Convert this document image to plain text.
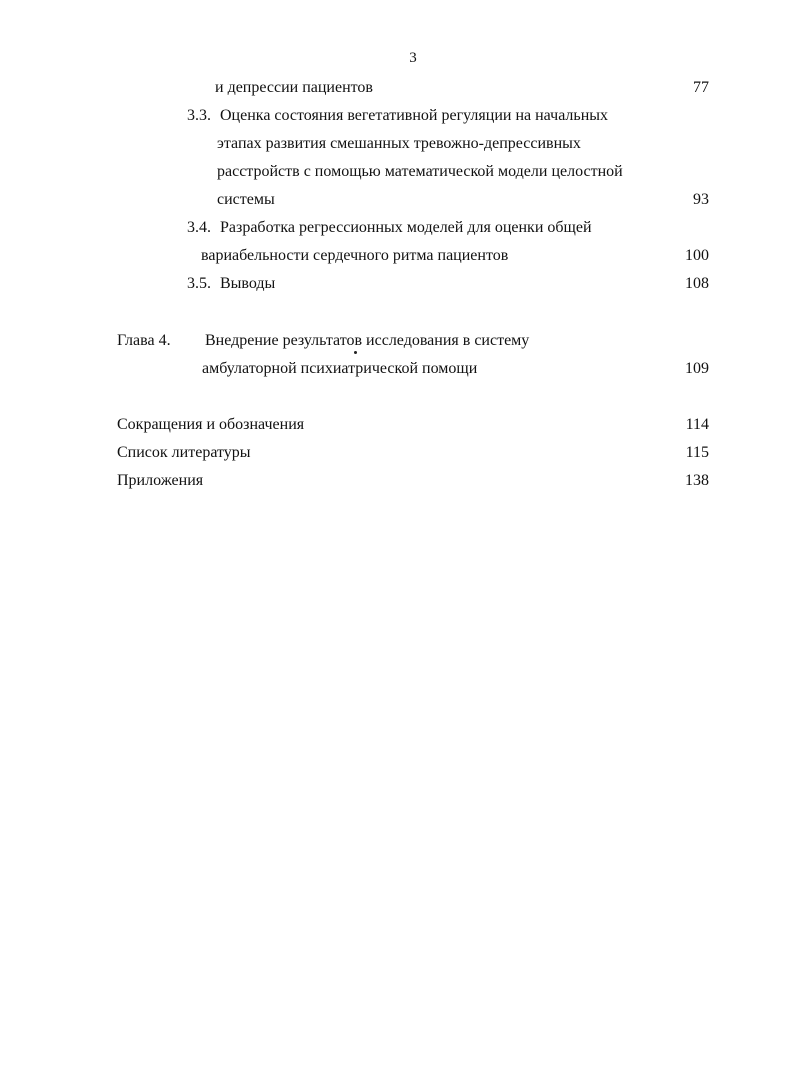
3
и депрессии пациентов	77
3.3. Оценка состояния вегетативной регуляции на начальных
этапах развития смешанных тревожно-депрессивных
расстройств с помощью математической модели целостной
системы	93
3.4. Разработка регрессионных моделей для оценки общей
вариабельности сердечного ритма пациентов	100
3.5. Выводы	108
Глава 4. Внедрение результатов исследования в систему
амбулаторной психиатрической помощи	109
Сокращения и обозначения	114
Список литературы	115
Приложения	138
